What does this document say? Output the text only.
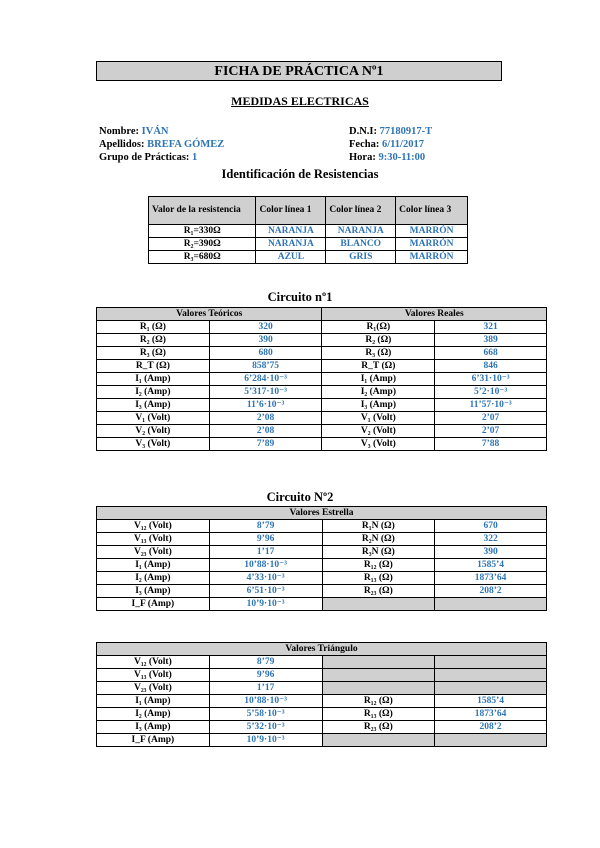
FICHA DE PRÁCTICA Nº1
MEDIDAS ELECTRICAS
Nombre: IVÁN
Apellidos: BREFA GÓMEZ
Grupo de Prácticas: 1
D.N.I: 77180917-T
Fecha: 6/11/2017
Hora: 9:30-11:00
Identificación de Resistencias
Valor de la resistencia	Color línea 1	Color línea 2	Color línea 3
R₁=330Ω	NARANJA	NARANJA	MARRÓN
R₂=390Ω	NARANJA	BLANCO	MARRÓN
R₃=680Ω	AZUL	GRIS	MARRÓN
Circuito nº1
Valores Teóricos		Valores Reales	
R₁ (Ω)	320	R₁(Ω)	321
R₂ (Ω)	390	R₂ (Ω)	389
R₃ (Ω)	680	R₃ (Ω)	668
R_T (Ω)	858’75	R_T (Ω)	846
I₁ (Amp)	6’284·10⁻³	I₁ (Amp)	6’31·10⁻³
I₂ (Amp)	5’317·10⁻³	I₂ (Amp)	5’2·10⁻³
I₃ (Amp)	11’6·10⁻³	I₃ (Amp)	11’57·10⁻³
V₁ (Volt)	2’08	V₁ (Volt)	2’07
V₂ (Volt)	2’08	V₂ (Volt)	2’07
V₃ (Volt)	7’89	V₃ (Volt)	7’88
Circuito Nº2
Valores Estrella			
V₁₂ (Volt)	8’79	R₁N (Ω)	670
V₁₃ (Volt)	9’96	R₂N (Ω)	322
V₂₃ (Volt)	1’17	R₃N (Ω)	390
I₁ (Amp)	10’88·10⁻³	R₁₂ (Ω)	1585’4
I₂ (Amp)	4’33·10⁻³	R₁₃ (Ω)	1873’64
I₃ (Amp)	6’51·10⁻³	R₂₃ (Ω)	208’2
I_F (Amp)	10’9·10⁻³		
Valores Triángulo			
V₁₂ (Volt)	8’79		
V₁₃ (Volt)	9’96		
V₂₃ (Volt)	1’17		
I₁ (Amp)	10’88·10⁻³	R₁₂ (Ω)	1585’4
I₂ (Amp)	5’58·10⁻³	R₁₃ (Ω)	1873’64
I₃ (Amp)	5’32·10⁻³	R₂₃ (Ω)	208’2
I_F (Amp)	10’9·10⁻³		
